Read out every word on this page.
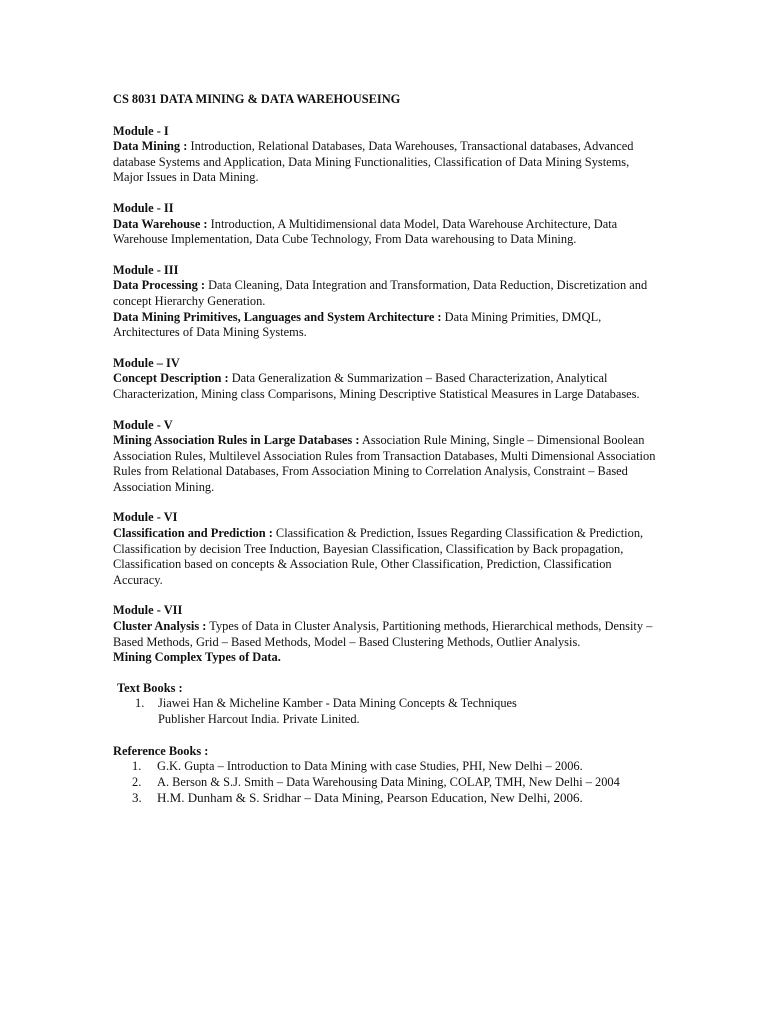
CS 8031 DATA MINING & DATA WAREHOUSEING
Module - I
Data Mining : Introduction, Relational Databases, Data Warehouses, Transactional databases, Advanced database Systems and Application, Data Mining Functionalities, Classification of Data Mining Systems, Major Issues in Data Mining.
Module - II
Data Warehouse : Introduction, A Multidimensional data Model, Data Warehouse Architecture, Data Warehouse Implementation, Data Cube Technology, From Data warehousing to Data Mining.
Module - III
Data Processing : Data Cleaning, Data Integration and Transformation, Data Reduction, Discretization and concept Hierarchy Generation.
Data Mining Primitives, Languages and System Architecture : Data Mining Primities, DMQL, Architectures of Data Mining Systems.
Module – IV
Concept Description : Data Generalization & Summarization – Based Characterization, Analytical Characterization, Mining class Comparisons, Mining Descriptive Statistical Measures in Large Databases.
Module - V
Mining Association Rules in Large Databases : Association Rule Mining, Single – Dimensional Boolean Association Rules, Multilevel Association Rules from Transaction Databases, Multi Dimensional Association Rules from Relational Databases, From Association Mining to Correlation Analysis, Constraint – Based Association Mining.
Module - VI
Classification and Prediction : Classification & Prediction, Issues Regarding Classification & Prediction, Classification by decision Tree Induction, Bayesian Classification, Classification by Back propagation, Classification based on concepts & Association Rule, Other Classification, Prediction, Classification Accuracy.
Module - VII
Cluster Analysis : Types of Data in Cluster Analysis, Partitioning methods, Hierarchical methods, Density – Based Methods, Grid – Based Methods, Model – Based Clustering Methods, Outlier Analysis.
Mining Complex Types of Data.
Text Books :
1.	Jiawei Han & Micheline Kamber - Data Mining Concepts & Techniques
Publisher Harcout India. Private Linited.
Reference Books :
1.	G.K. Gupta – Introduction to Data Mining with case Studies, PHI, New Delhi – 2006.
2.	A. Berson & S.J. Smith – Data Warehousing Data Mining, COLAP, TMH, New Delhi – 2004
3.	H.M. Dunham & S. Sridhar – Data Mining, Pearson Education, New Delhi, 2006.
